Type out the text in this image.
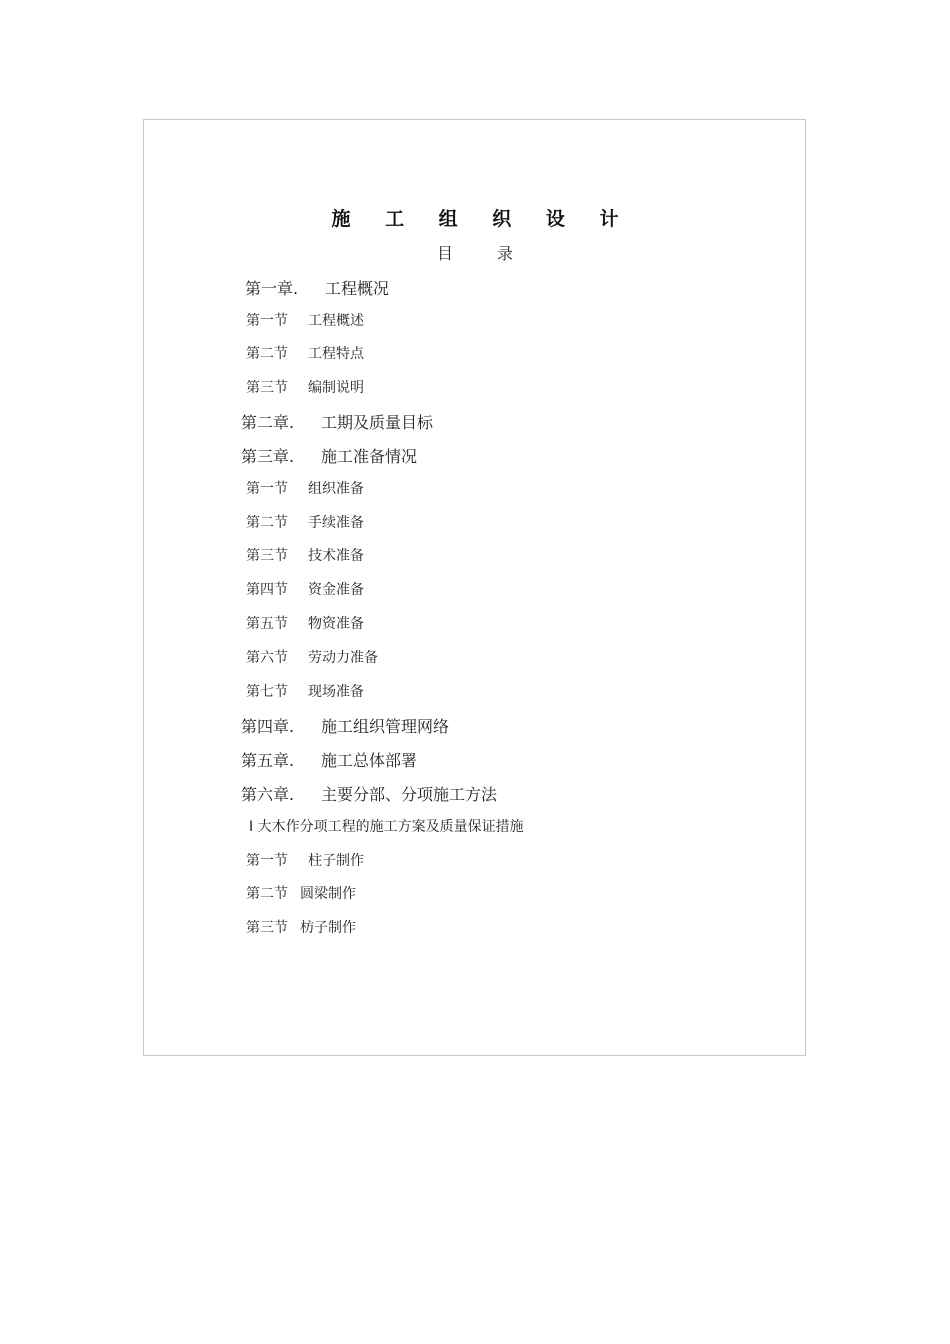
施 工 组 织 设 计
目	录
第一章. 工程概况
第一节 工程概述
第二节 工程特点
第三节 编制说明
第二章. 工期及质量目标
第三章. 施工准备情况
第一节 组织准备
第二节 手续准备
第三节 技术准备
第四节 资金准备
第五节 物资准备
第六节 劳动力准备
第七节 现场准备
第四章. 施工组织管理网络
第五章. 施工总体部署
第六章. 主要分部、分项施工方法
I 大木作分项工程的施工方案及质量保证措施
第一节 柱子制作
第二节 圆梁制作
第三节 枋子制作
